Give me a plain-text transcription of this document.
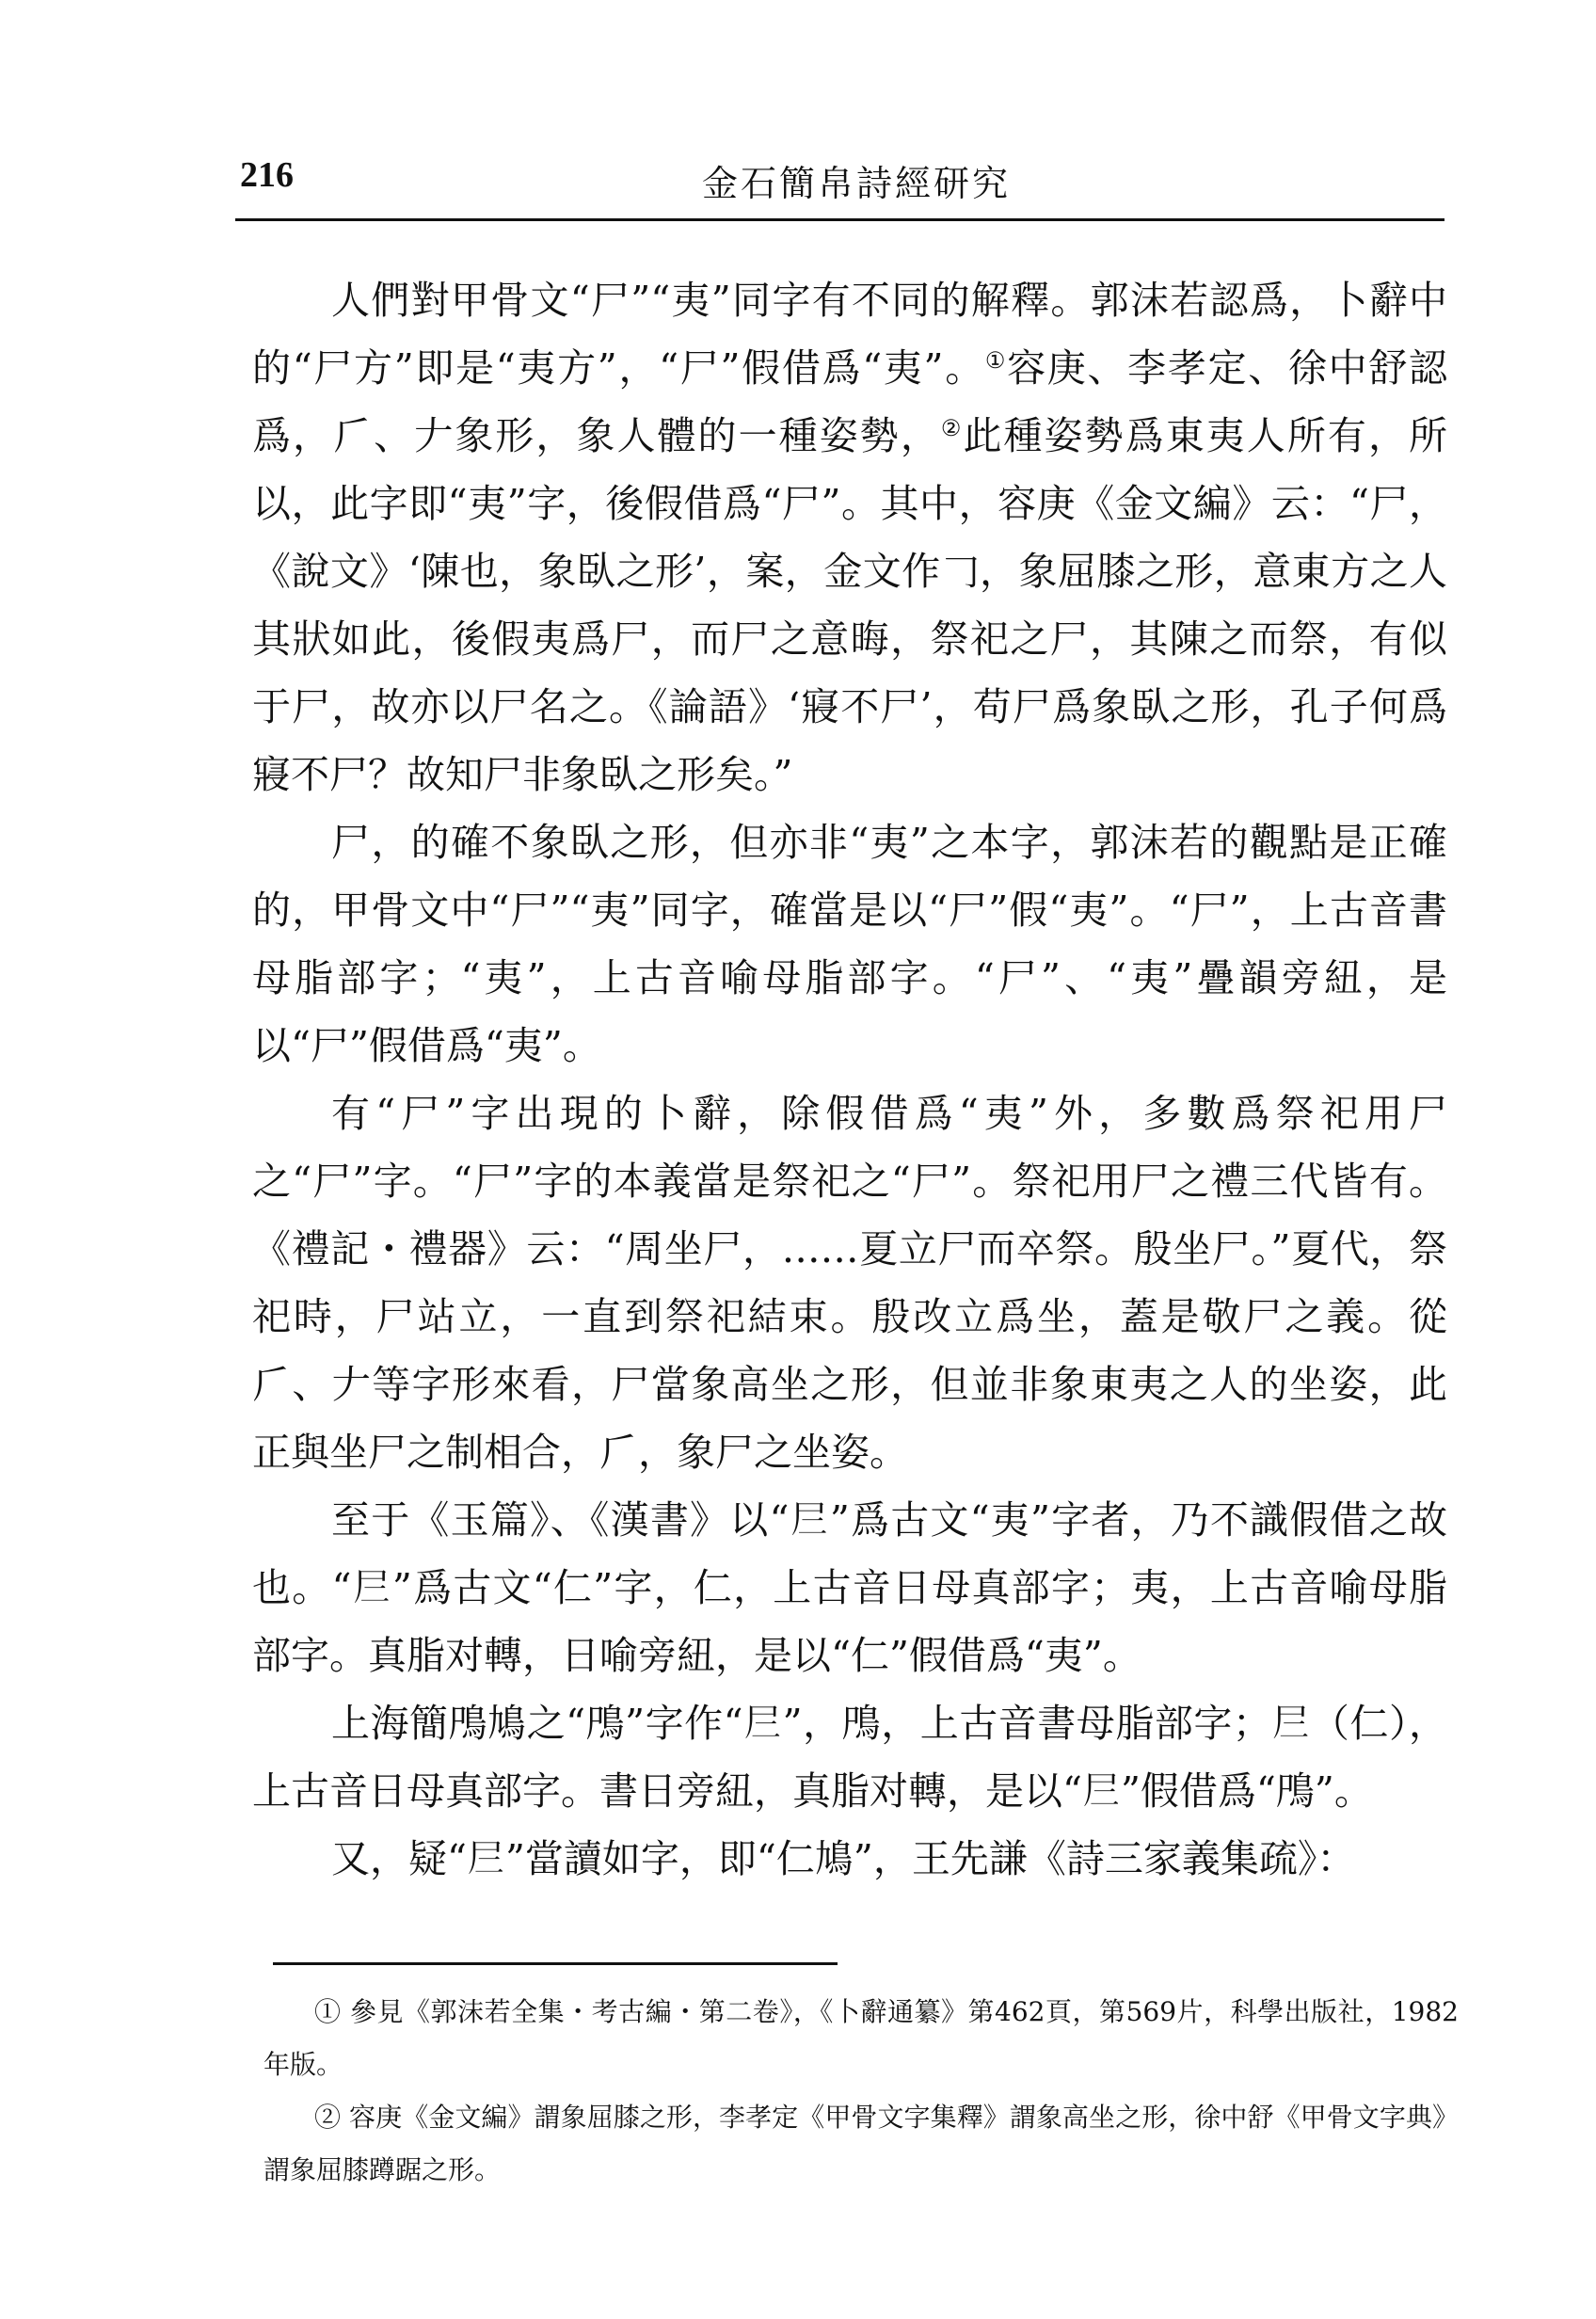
216	金石簡帛詩經研究

人們對甲骨文“尸”“夷”同字有不同的解釋。郭沫若認爲，卜辭中的“尸方”即是“夷方”，“尸”假借爲“夷”。①容庚、李孝定、徐中舒認爲，𠂆、𠂇象形，象人體的一種姿勢，②此種姿勢爲東夷人所有，所以，此字即“夷”字，後假借爲“尸”。其中，容庚《金文編》云：“尸，《說文》‘陳也，象臥之形’，案，金文作𠃌，象屈膝之形，意東方之人其狀如此，後假夷爲尸，而尸之意晦，祭祀之尸，其陳之而祭，有似于尸，故亦以尸名之。《論語》‘寢不尸’，苟尸爲象臥之形，孔子何爲寢不尸？故知尸非象臥之形矣。”

尸，的確不象臥之形，但亦非“夷”之本字，郭沫若的觀點是正確的，甲骨文中“尸”“夷”同字，確當是以“尸”假“夷”。“尸”，上古音書母脂部字；“夷”，上古音喻母脂部字。“尸”、“夷”疊韻旁紐，是以“尸”假借爲“夷”。

有“尸”字出現的卜辭，除假借爲“夷”外，多數爲祭祀用尸之“尸”字。“尸”字的本義當是祭祀之“尸”。祭祀用尸之禮三代皆有。《禮記・禮器》云：“周坐尸，……夏立尸而卒祭。殷坐尸。”夏代，祭祀時，尸站立，一直到祭祀結束。殷改立爲坐，蓋是敬尸之義。從𠂆、𠂇等字形來看，尸當象高坐之形，但並非象東夷之人的坐姿，此正與坐尸之制相合，𠂆，象尸之坐姿。

至于《玉篇》、《漢書》以“𡰥”爲古文“夷”字者，乃不識假借之故也。“𡰥”爲古文“仁”字，仁，上古音日母真部字；夷，上古音喻母脂部字。真脂对轉，日喻旁紐，是以“仁”假借爲“夷”。

上海簡鳲鳩之“鳲”字作“𡰥”，鳲，上古音書母脂部字；𡰥（仁），上古音日母真部字。書日旁紐，真脂对轉，是以“𡰥”假借爲“鳲”。

又，疑“𡰥”當讀如字，即“仁鳩”，王先謙《詩三家義集疏》：

① 參見《郭沫若全集・考古編・第二卷》，《卜辭通纂》第462頁，第569片，科學出版社，1982年版。

② 容庚《金文編》謂象屈膝之形，李孝定《甲骨文字集釋》謂象高坐之形，徐中舒《甲骨文字典》謂象屈膝蹲踞之形。
